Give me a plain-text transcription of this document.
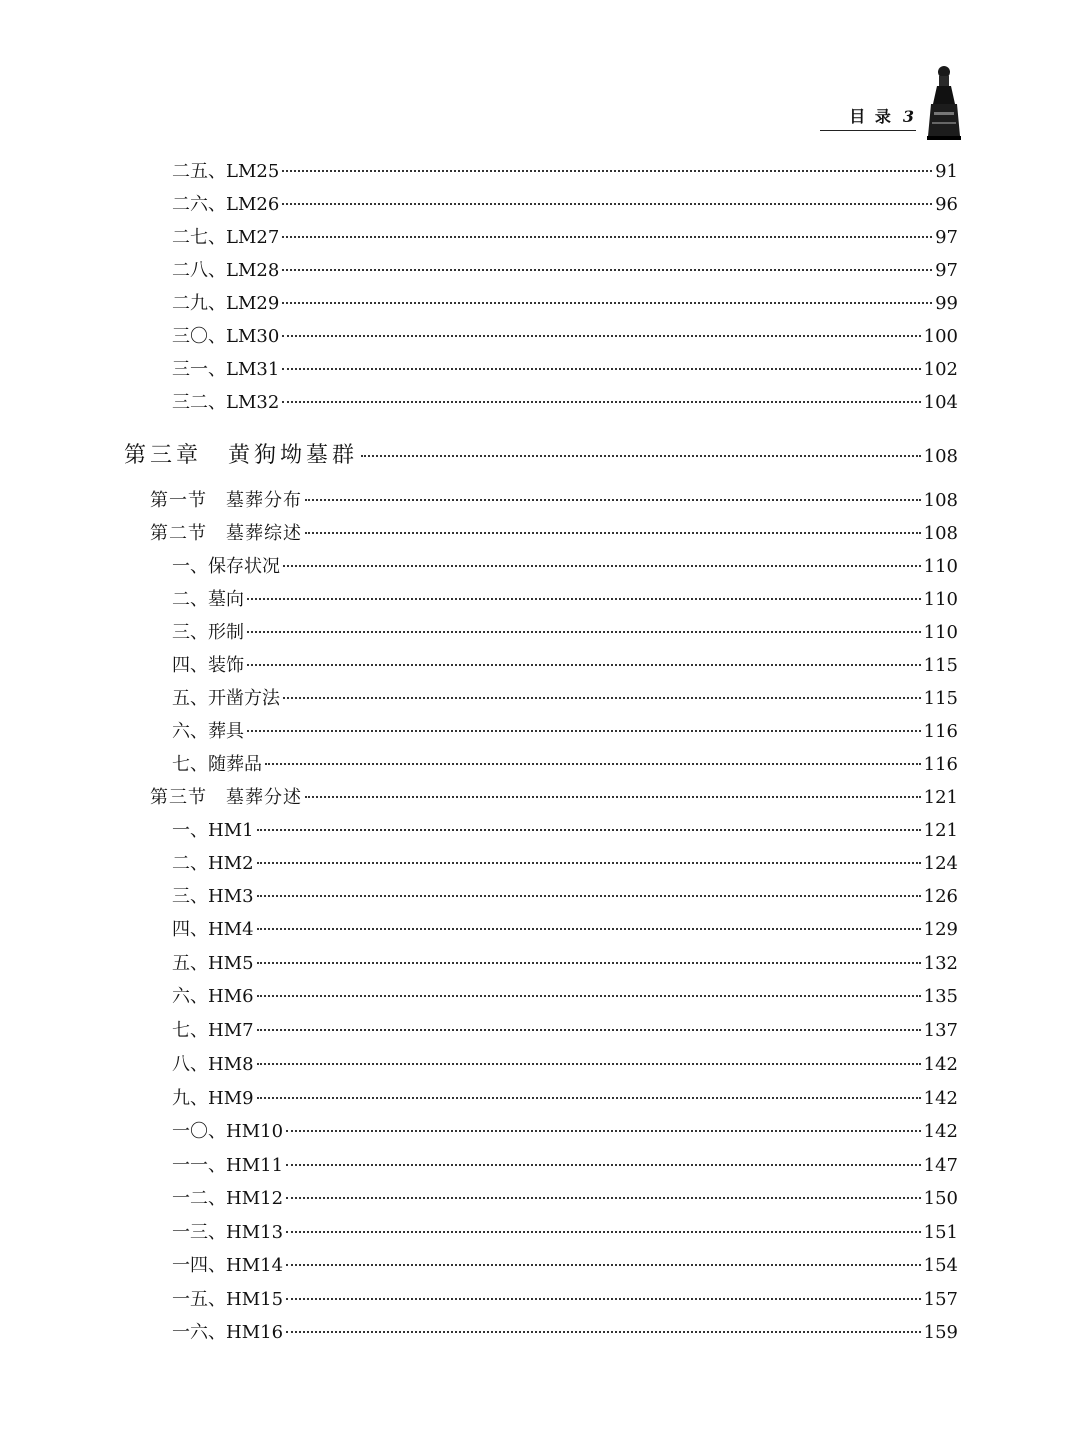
目 录 3
二五、LM25	91
二六、LM26	96
二七、LM27	97
二八、LM28	97
二九、LM29	99
三〇、LM30	100
三一、LM31	102
三二、LM32	104
第三章　黄狗坳墓群	108
第一节　墓葬分布	108
第二节　墓葬综述	108
一、保存状况	110
二、墓向	110
三、形制	110
四、装饰	115
五、开凿方法	115
六、葬具	116
七、随葬品	116
第三节　墓葬分述	121
一、HM1	121
二、HM2	124
三、HM3	126
四、HM4	129
五、HM5	132
六、HM6	135
七、HM7	137
八、HM8	142
九、HM9	142
一〇、HM10	142
一一、HM11	147
一二、HM12	150
一三、HM13	151
一四、HM14	154
一五、HM15	157
一六、HM16	159
